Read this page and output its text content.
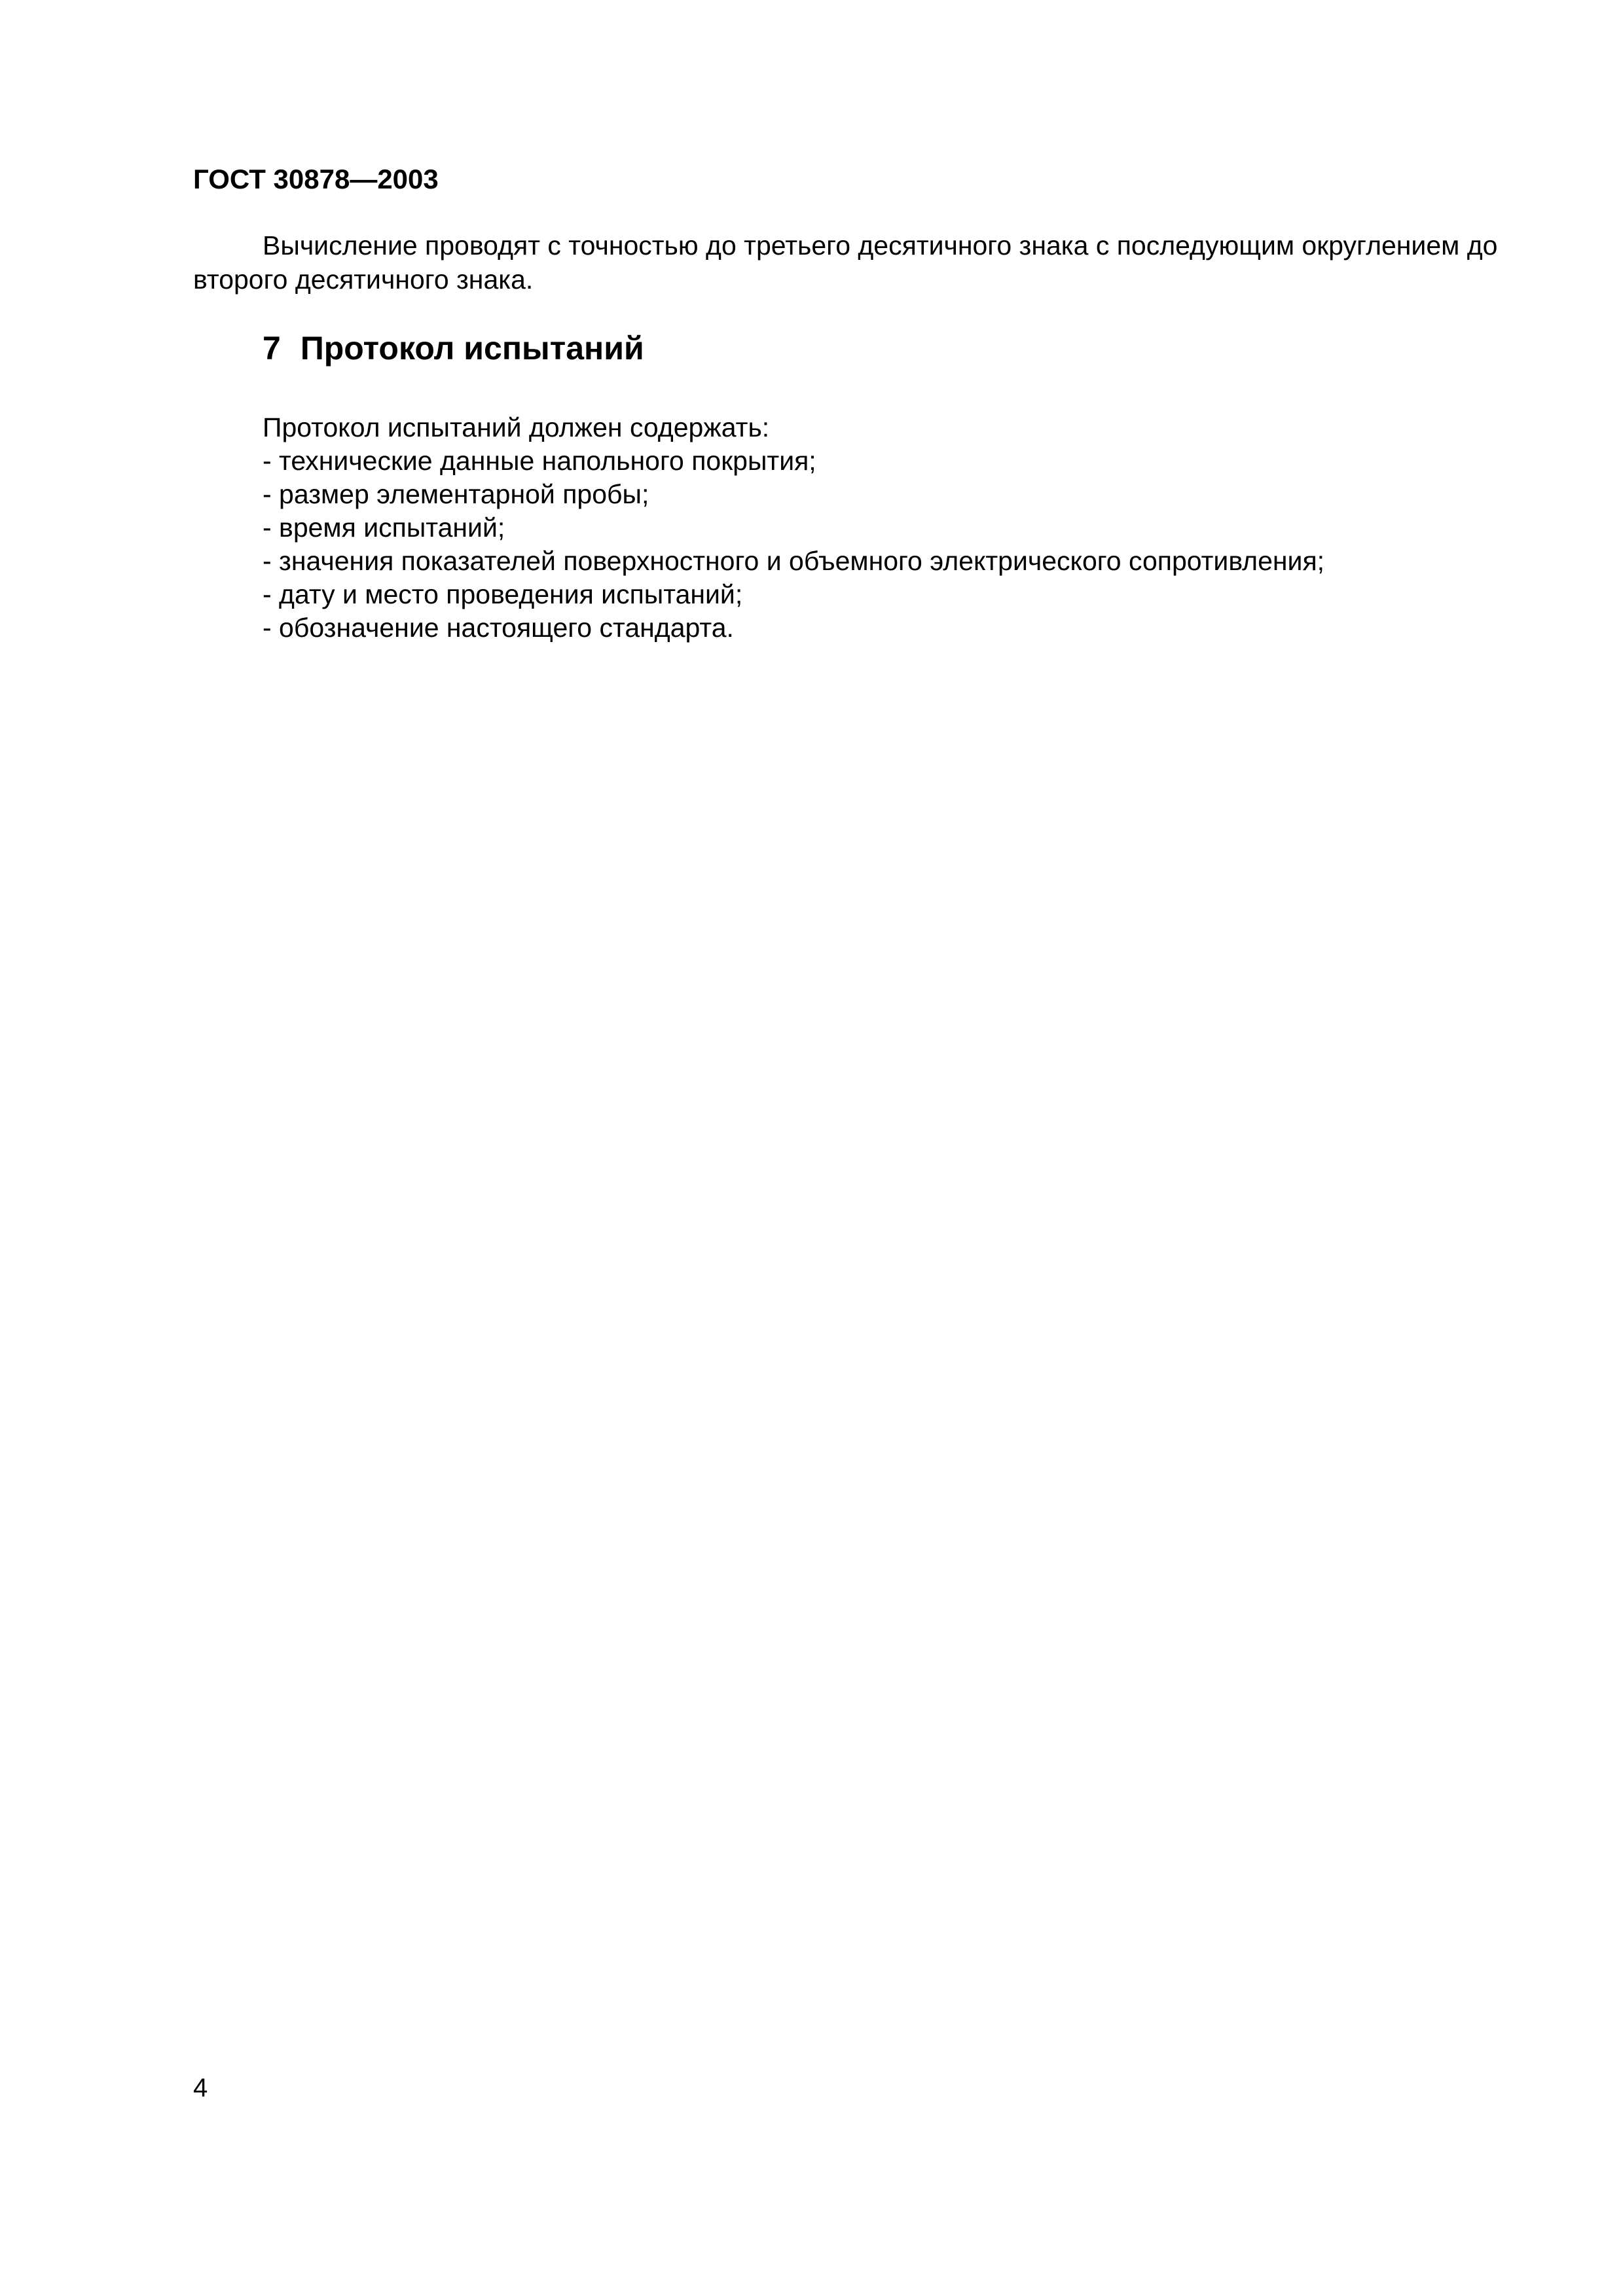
ГОСТ 30878—2003

Вычисление проводят с точностью до третьего десятичного знака с последующим округлением до второго десятичного знака.

7 Протокол испытаний
Протокол испытаний должен содержать:
- технические данные напольного покрытия;
- размер элементарной пробы;
- время испытаний;
- значения показателей поверхностного и объемного электрического сопротивления;
- дату и место проведения испытаний;
- обозначение настоящего стандарта.
4
